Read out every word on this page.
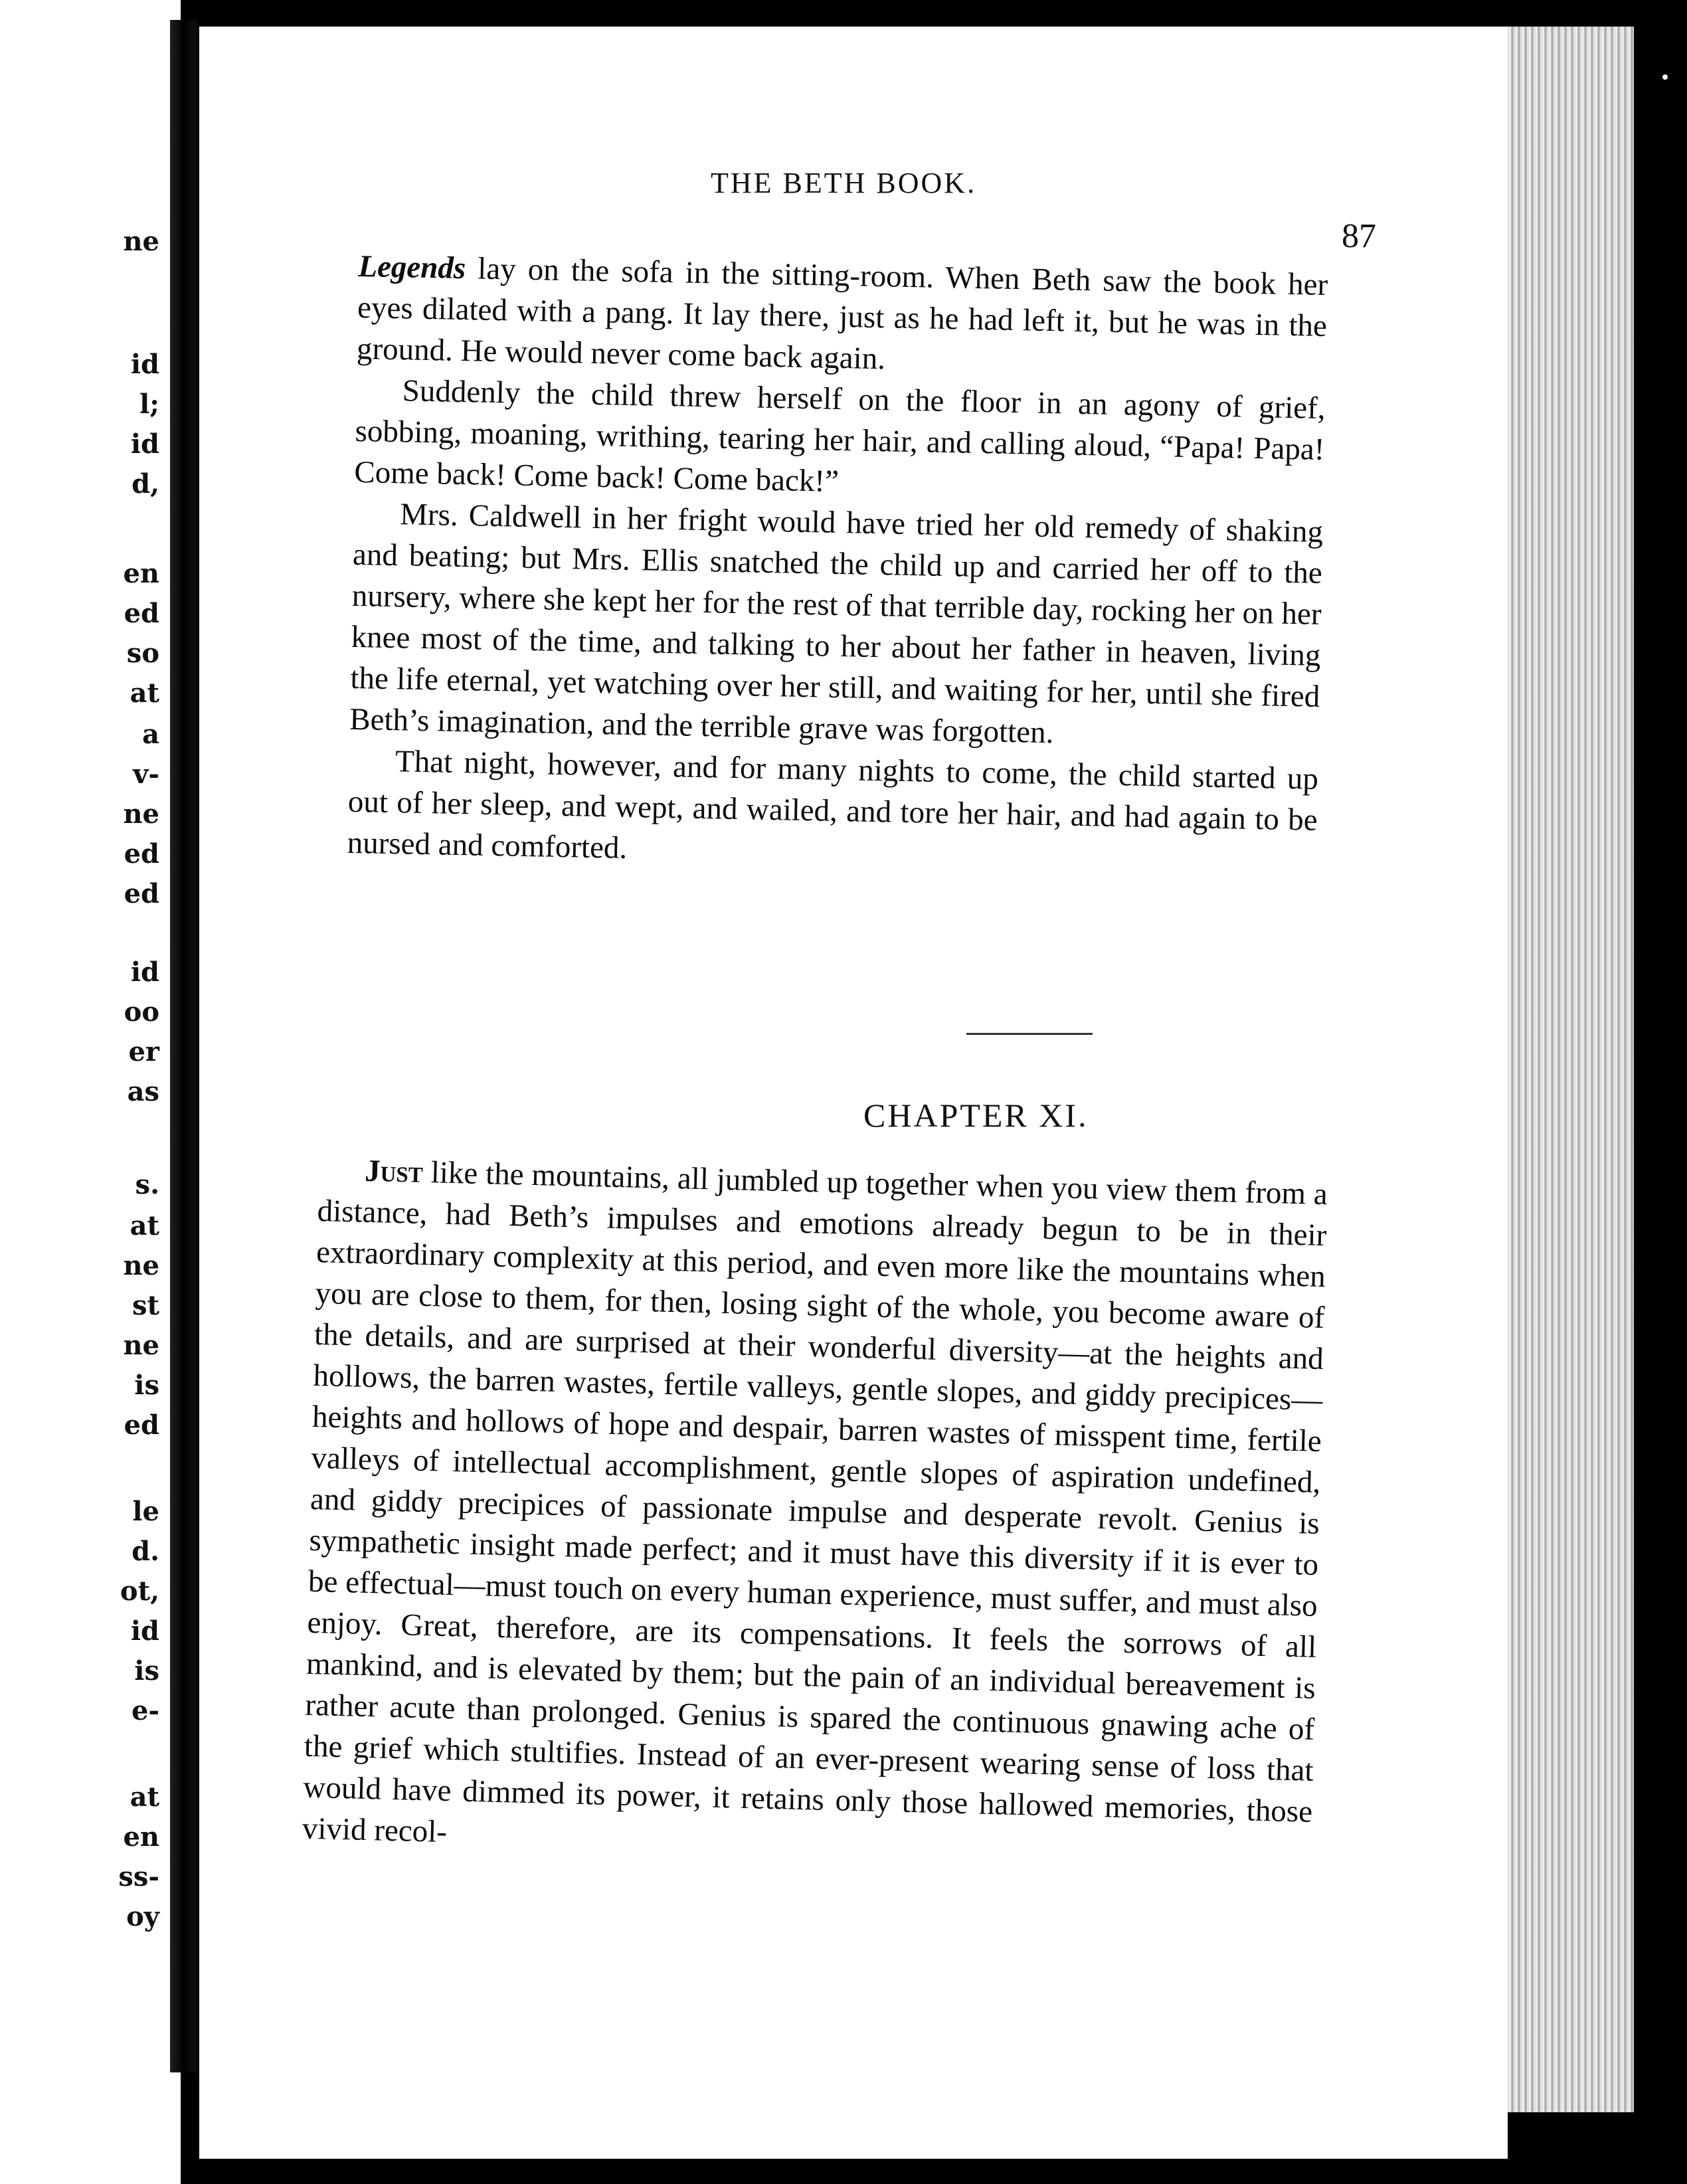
ne
id
l;
id
d,
en
ed
so
at
a
v-
ne
ed
ed
id
oo
er
as
s.
at
ne
st
ne
is
ed
le
d.
ot,
id
is
e-
at
en
ss-
oy
THE BETH BOOK.
87

Legends lay on the sofa in the sitting-room. When Beth saw the book her eyes dilated with a pang. It lay there, just as he had left it, but he was in the ground. He would never come back again.

Suddenly the child threw herself on the floor in an agony of grief, sobbing, moaning, writhing, tearing her hair, and calling aloud, “Papa! Papa! Come back! Come back! Come back!”

Mrs. Caldwell in her fright would have tried her old remedy of shaking and beating; but Mrs. Ellis snatched the child up and carried her off to the nursery, where she kept her for the rest of that terrible day, rocking her on her knee most of the time, and talking to her about her father in heaven, living the life eternal, yet watching over her still, and waiting for her, until she fired Beth’s imagination, and the terrible grave was forgotten.

That night, however, and for many nights to come, the child started up out of her sleep, and wept, and wailed, and tore her hair, and had again to be nursed and comforted.

CHAPTER XI.

Just like the mountains, all jumbled up together when you view them from a distance, had Beth’s impulses and emotions already begun to be in their extraordinary complexity at this period, and even more like the mountains when you are close to them, for then, losing sight of the whole, you become aware of the details, and are surprised at their wonderful diversity—at the heights and hollows, the barren wastes, fertile valleys, gentle slopes, and giddy precipices—heights and hollows of hope and despair, barren wastes of misspent time, fertile valleys of intellectual accomplishment, gentle slopes of aspiration undefined, and giddy precipices of passionate impulse and desperate revolt. Genius is sympathetic insight made perfect; and it must have this diversity if it is ever to be effectual—must touch on every human experience, must suffer, and must also enjoy. Great, therefore, are its compensations. It feels the sorrows of all mankind, and is elevated by them; but the pain of an individual bereavement is rather acute than prolonged. Genius is spared the continuous gnawing ache of the grief which stultifies. Instead of an ever-present wearing sense of loss that would have dimmed its power, it retains only those hallowed memories, those vivid recol-
